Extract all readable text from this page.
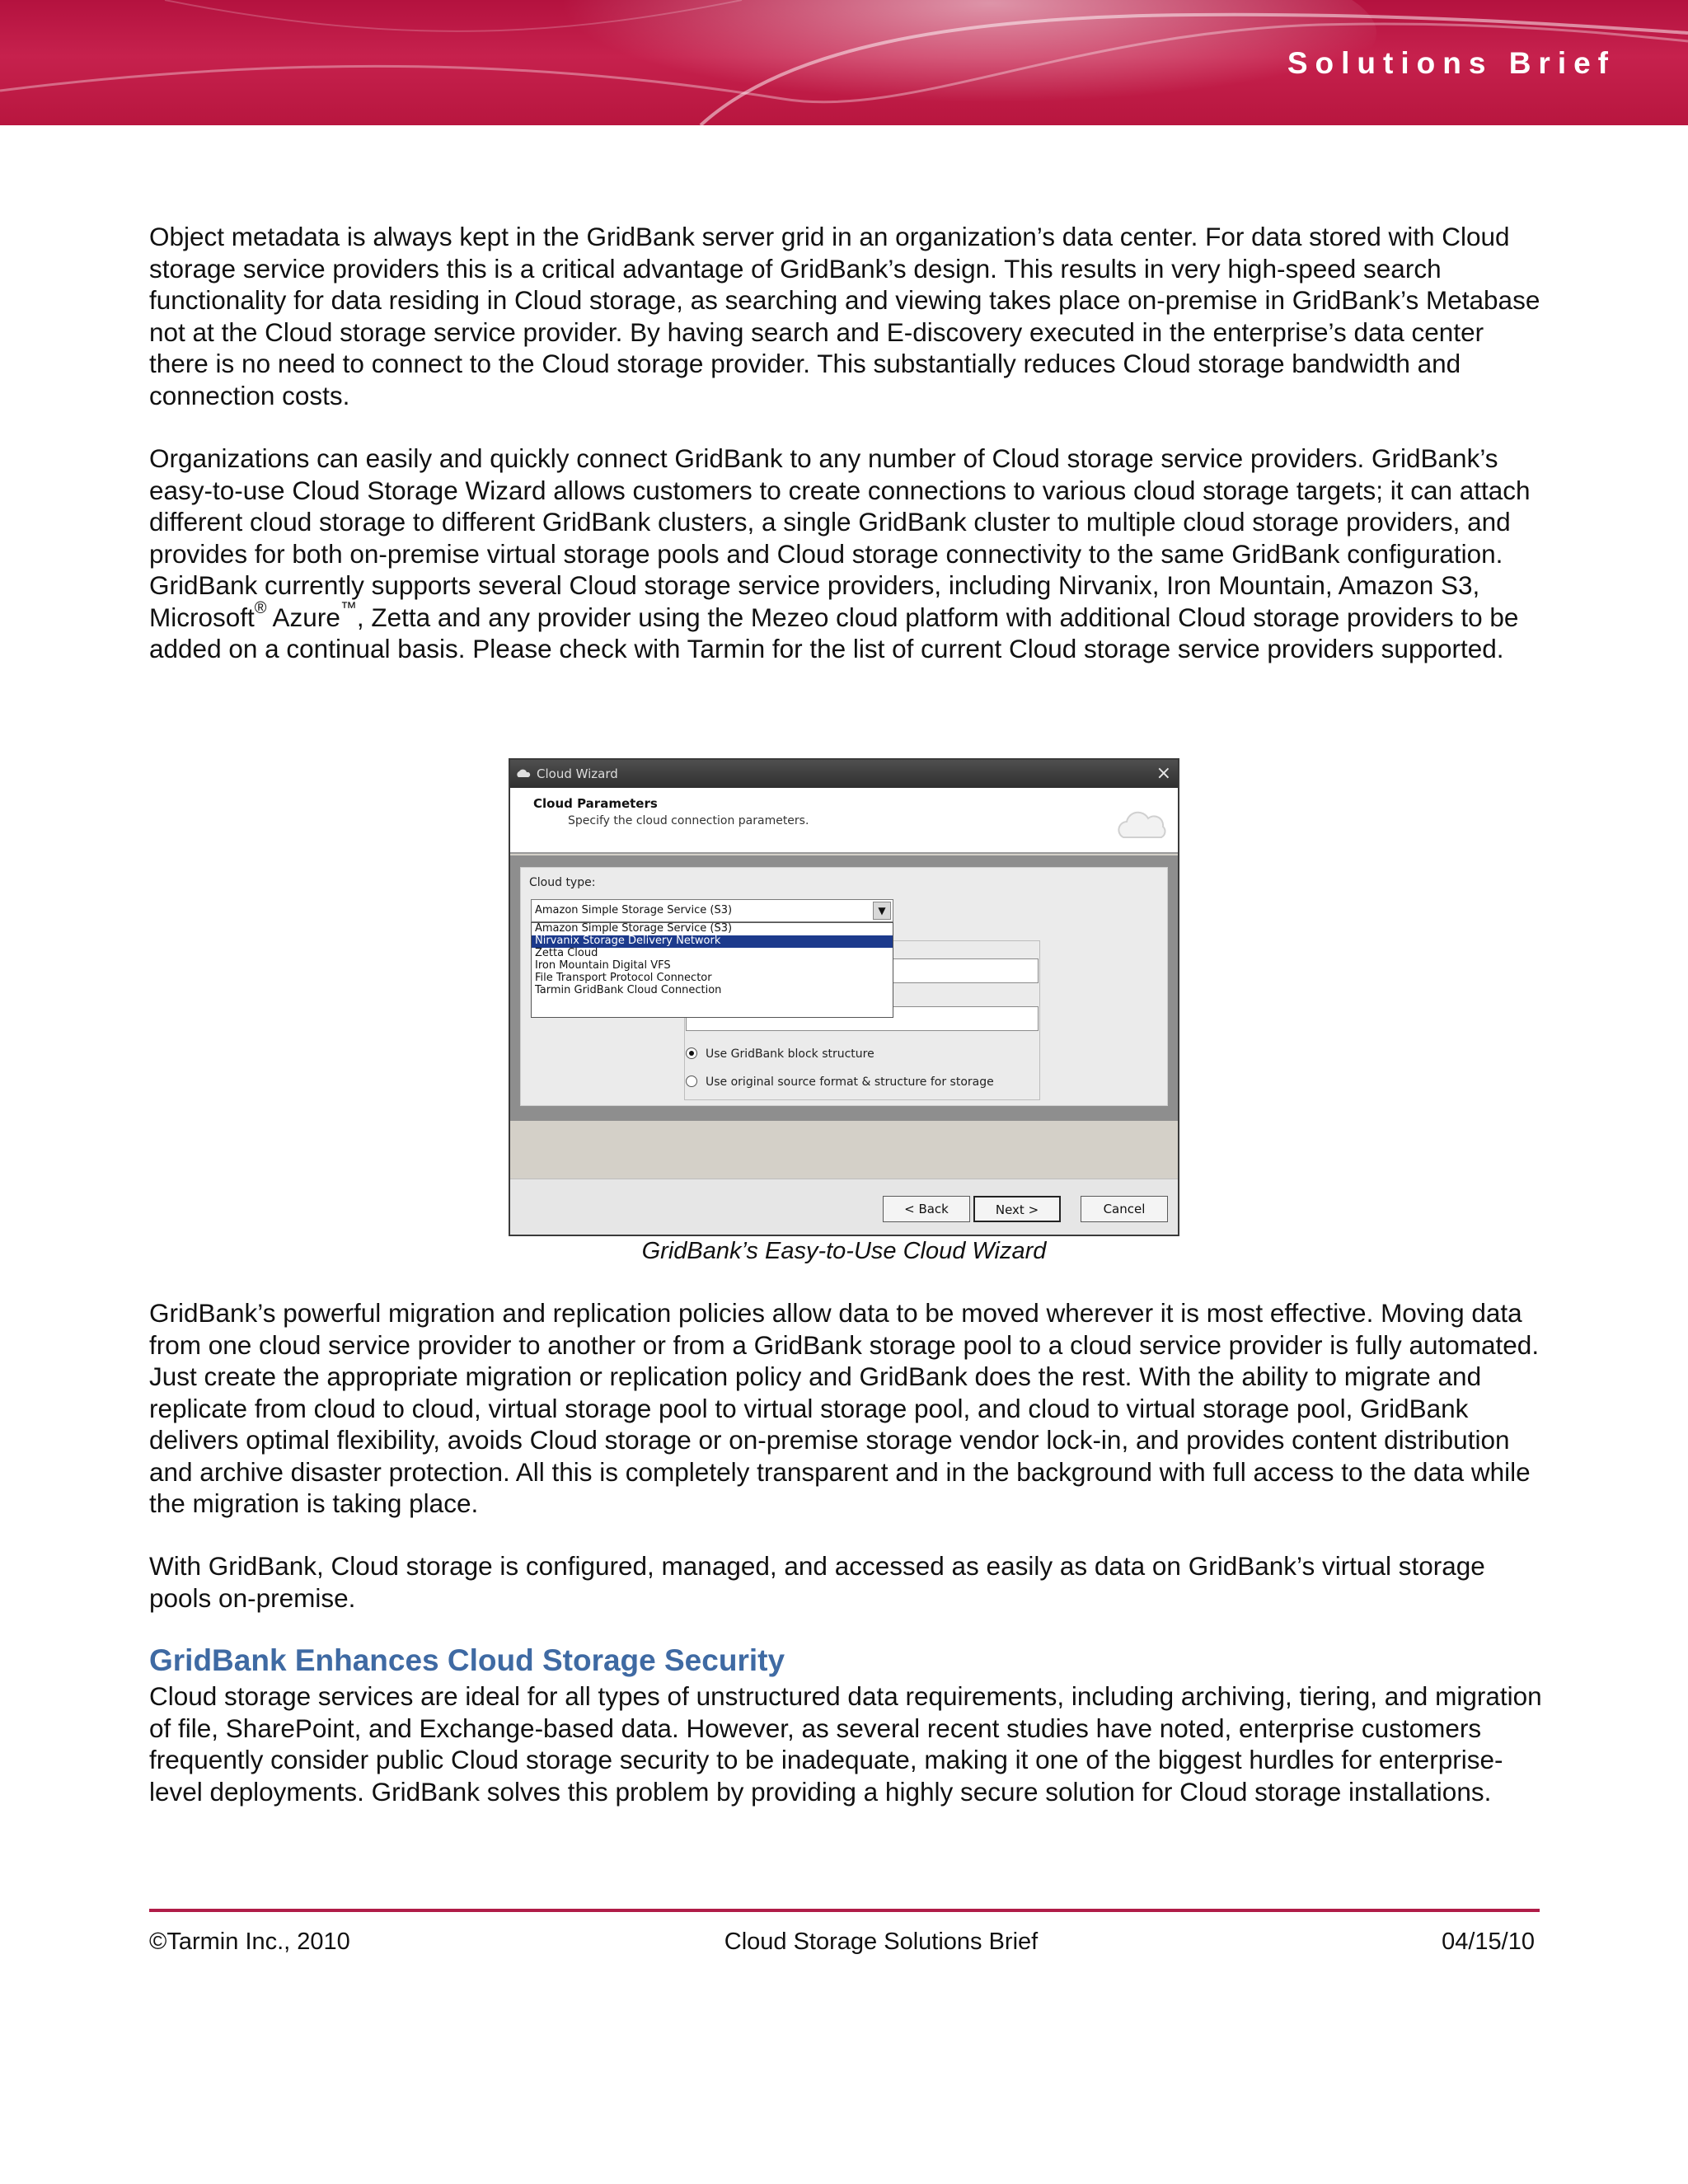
Solutions Brief

Object metadata is always kept in the GridBank server grid in an organization’s data center. For data stored with Cloud storage service providers this is a critical advantage of GridBank’s design. This results in very high-speed search functionality for data residing in Cloud storage, as searching and viewing takes place on-premise in GridBank’s Metabase not at the Cloud storage service provider. By having search and E-discovery executed in the enterprise’s data center there is no need to connect to the Cloud storage provider. This substantially reduces Cloud storage bandwidth and connection costs.

Organizations can easily and quickly connect GridBank to any number of Cloud storage service providers. GridBank’s easy-to-use Cloud Storage Wizard allows customers to create connections to various cloud storage targets; it can attach different cloud storage to different GridBank clusters, a single GridBank cluster to multiple cloud storage providers, and provides for both on-premise virtual storage pools and Cloud storage connectivity to the same GridBank configuration. GridBank currently supports several Cloud storage service providers, including Nirvanix, Iron Mountain, Amazon S3, Microsoft® Azure™, Zetta and any provider using the Mezeo cloud platform with additional Cloud storage providers to be added on a continual basis. Please check with Tarmin for the list of current Cloud storage service providers supported.

Cloud Wizard	×
Cloud Parameters
Specify the cloud connection parameters.
Cloud type:
Amazon Simple Storage Service (S3)	▼
Amazon Simple Storage Service (S3)
Nirvanix Storage Delivery Network
Zetta Cloud
Iron Mountain Digital VFS
File Transport Protocol Connector
Tarmin GridBank Cloud Connection
Use GridBank block structure
Use original source format & structure for storage
< Back	Next >	Cancel
GridBank’s Easy-to-Use Cloud Wizard

GridBank’s powerful migration and replication policies allow data to be moved wherever it is most effective. Moving data from one cloud service provider to another or from a GridBank storage pool to a cloud service provider is fully automated. Just create the appropriate migration or replication policy and GridBank does the rest. With the ability to migrate and replicate from cloud to cloud, virtual storage pool to virtual storage pool, and cloud to virtual storage pool, GridBank delivers optimal flexibility, avoids Cloud storage or on-premise storage vendor lock-in, and provides content distribution and archive disaster protection. All this is completely transparent and in the background with full access to the data while the migration is taking place.

With GridBank, Cloud storage is configured, managed, and accessed as easily as data on GridBank’s virtual storage pools on-premise.

GridBank Enhances Cloud Storage Security

Cloud storage services are ideal for all types of unstructured data requirements, including archiving, tiering, and migration of file, SharePoint, and Exchange-based data. However, as several recent studies have noted, enterprise customers frequently consider public Cloud storage security to be inadequate, making it one of the biggest hurdles for enterprise-level deployments. GridBank solves this problem by providing a highly secure solution for Cloud storage installations.

©Tarmin Inc., 2010	Cloud Storage Solutions Brief	04/15/10
